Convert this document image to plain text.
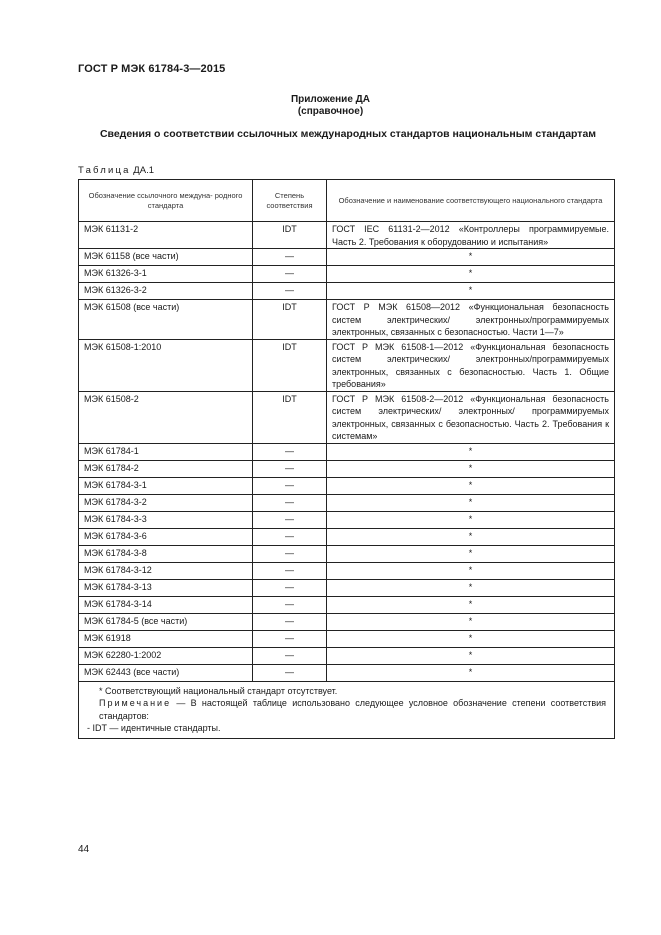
ГОСТ Р МЭК 61784-3—2015
Приложение ДА
(справочное)
Сведения о соответствии ссылочных международных стандартов национальным стандартам
Таблица ДА.1
Обозначение ссылочного междуна- родного стандарта	Степень соответствия	Обозначение и наименование соответствующего национального стандарта
МЭК 61131-2	IDT	ГОСТ IEC 61131-2—2012 «Контроллеры программируемые. Часть 2. Требования к оборудованию и испытания»
МЭК 61158 (все части)	—	*
МЭК 61326-3-1	—	*
МЭК 61326-3-2	—	*
МЭК 61508 (все части)	IDT	ГОСТ Р МЭК 61508—2012 «Функциональная безопасность систем электрических/ электронных/программируемых электронных, связанных с безопасностью. Части 1—7»
МЭК 61508-1:2010	IDT	ГОСТ Р МЭК 61508-1—2012 «Функциональная безопасность систем электрических/ электронных/программируемых электронных, связанных с безопасностью. Часть 1. Общие требования»
МЭК 61508-2	IDT	ГОСТ Р МЭК 61508-2—2012 «Функциональная безопасность систем электрических/ электронных/ программируемых электронных, связанных с безопасностью. Часть 2. Требования к системам»
МЭК 61784-1	—	*
МЭК 61784-2	—	*
МЭК 61784-3-1	—	*
МЭК 61784-3-2	—	*
МЭК 61784-3-3	—	*
МЭК 61784-3-6	—	*
МЭК 61784-3-8	—	*
МЭК 61784-3-12	—	*
МЭК 61784-3-13	—	*
МЭК 61784-3-14	—	*
МЭК 61784-5 (все части)	—	*
МЭК 61918	—	*
МЭК 62280-1:2002	—	*
МЭК 62443 (все части)	—	*

* Соответствующий национальный стандарт отсутствует.
Примечание — В настоящей таблице использовано следующее условное обозначение степени соответствия стандартов:
- IDT — идентичные стандарты.		
44
